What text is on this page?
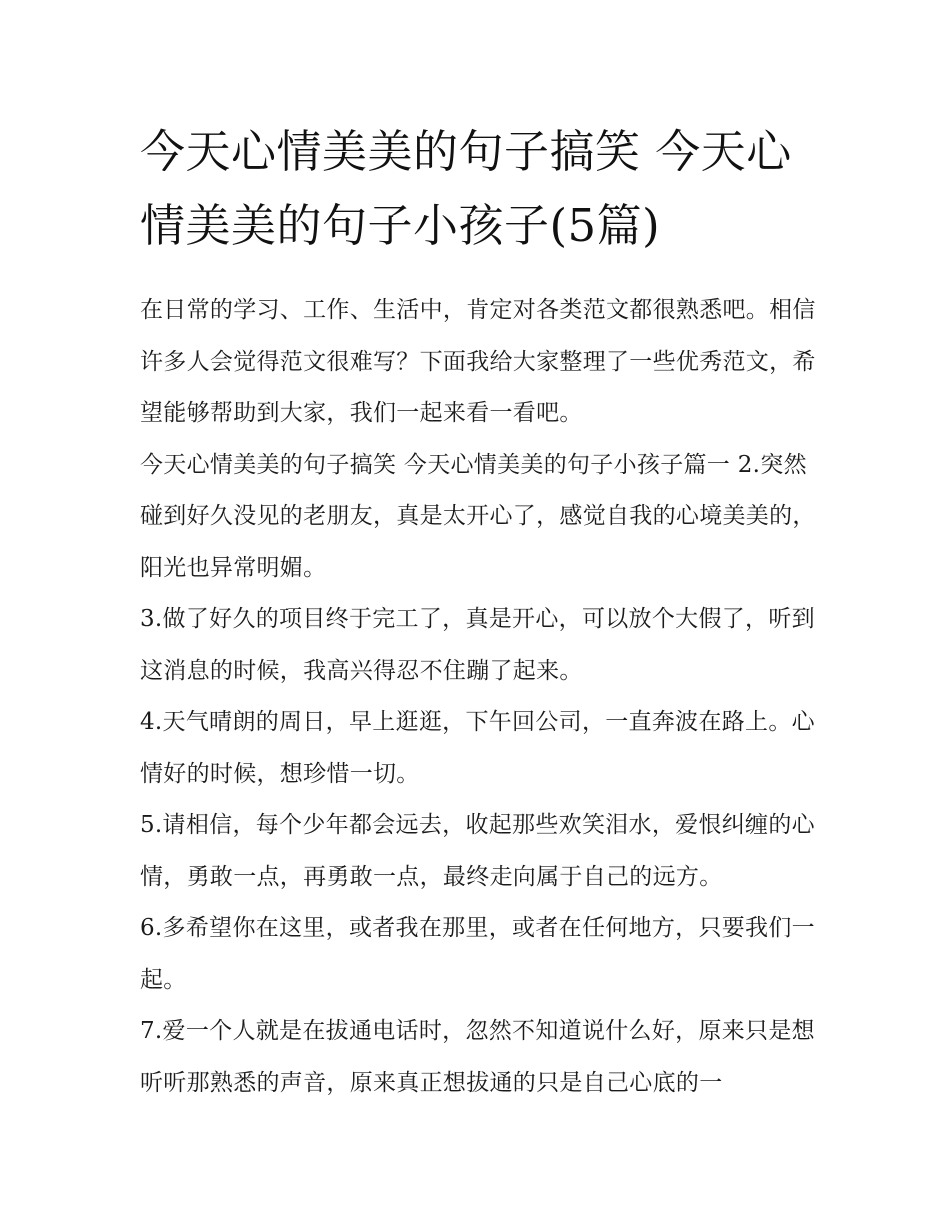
今天心情美美的句子搞笑 今天心情美美的句子小孩子(5篇)

在日常的学习、工作、生活中，肯定对各类范文都很熟悉吧。相信许多人会觉得范文很难写？下面我给大家整理了一些优秀范文，希望能够帮助到大家，我们一起来看一看吧。

今天心情美美的句子搞笑 今天心情美美的句子小孩子篇一 2.突然碰到好久没见的老朋友，真是太开心了，感觉自我的心境美美的，阳光也异常明媚。

3.做了好久的项目终于完工了，真是开心，可以放个大假了，听到这消息的时候，我高兴得忍不住蹦了起来。

4.天气晴朗的周日，早上逛逛，下午回公司，一直奔波在路上。心情好的时候，想珍惜一切。

5.请相信，每个少年都会远去，收起那些欢笑泪水，爱恨纠缠的心情，勇敢一点，再勇敢一点，最终走向属于自己的远方。

6.多希望你在这里，或者我在那里，或者在任何地方，只要我们一起。

7.爱一个人就是在拔通电话时，忽然不知道说什么好，原来只是想听听那熟悉的声音，原来真正想拔通的只是自己心底的一
